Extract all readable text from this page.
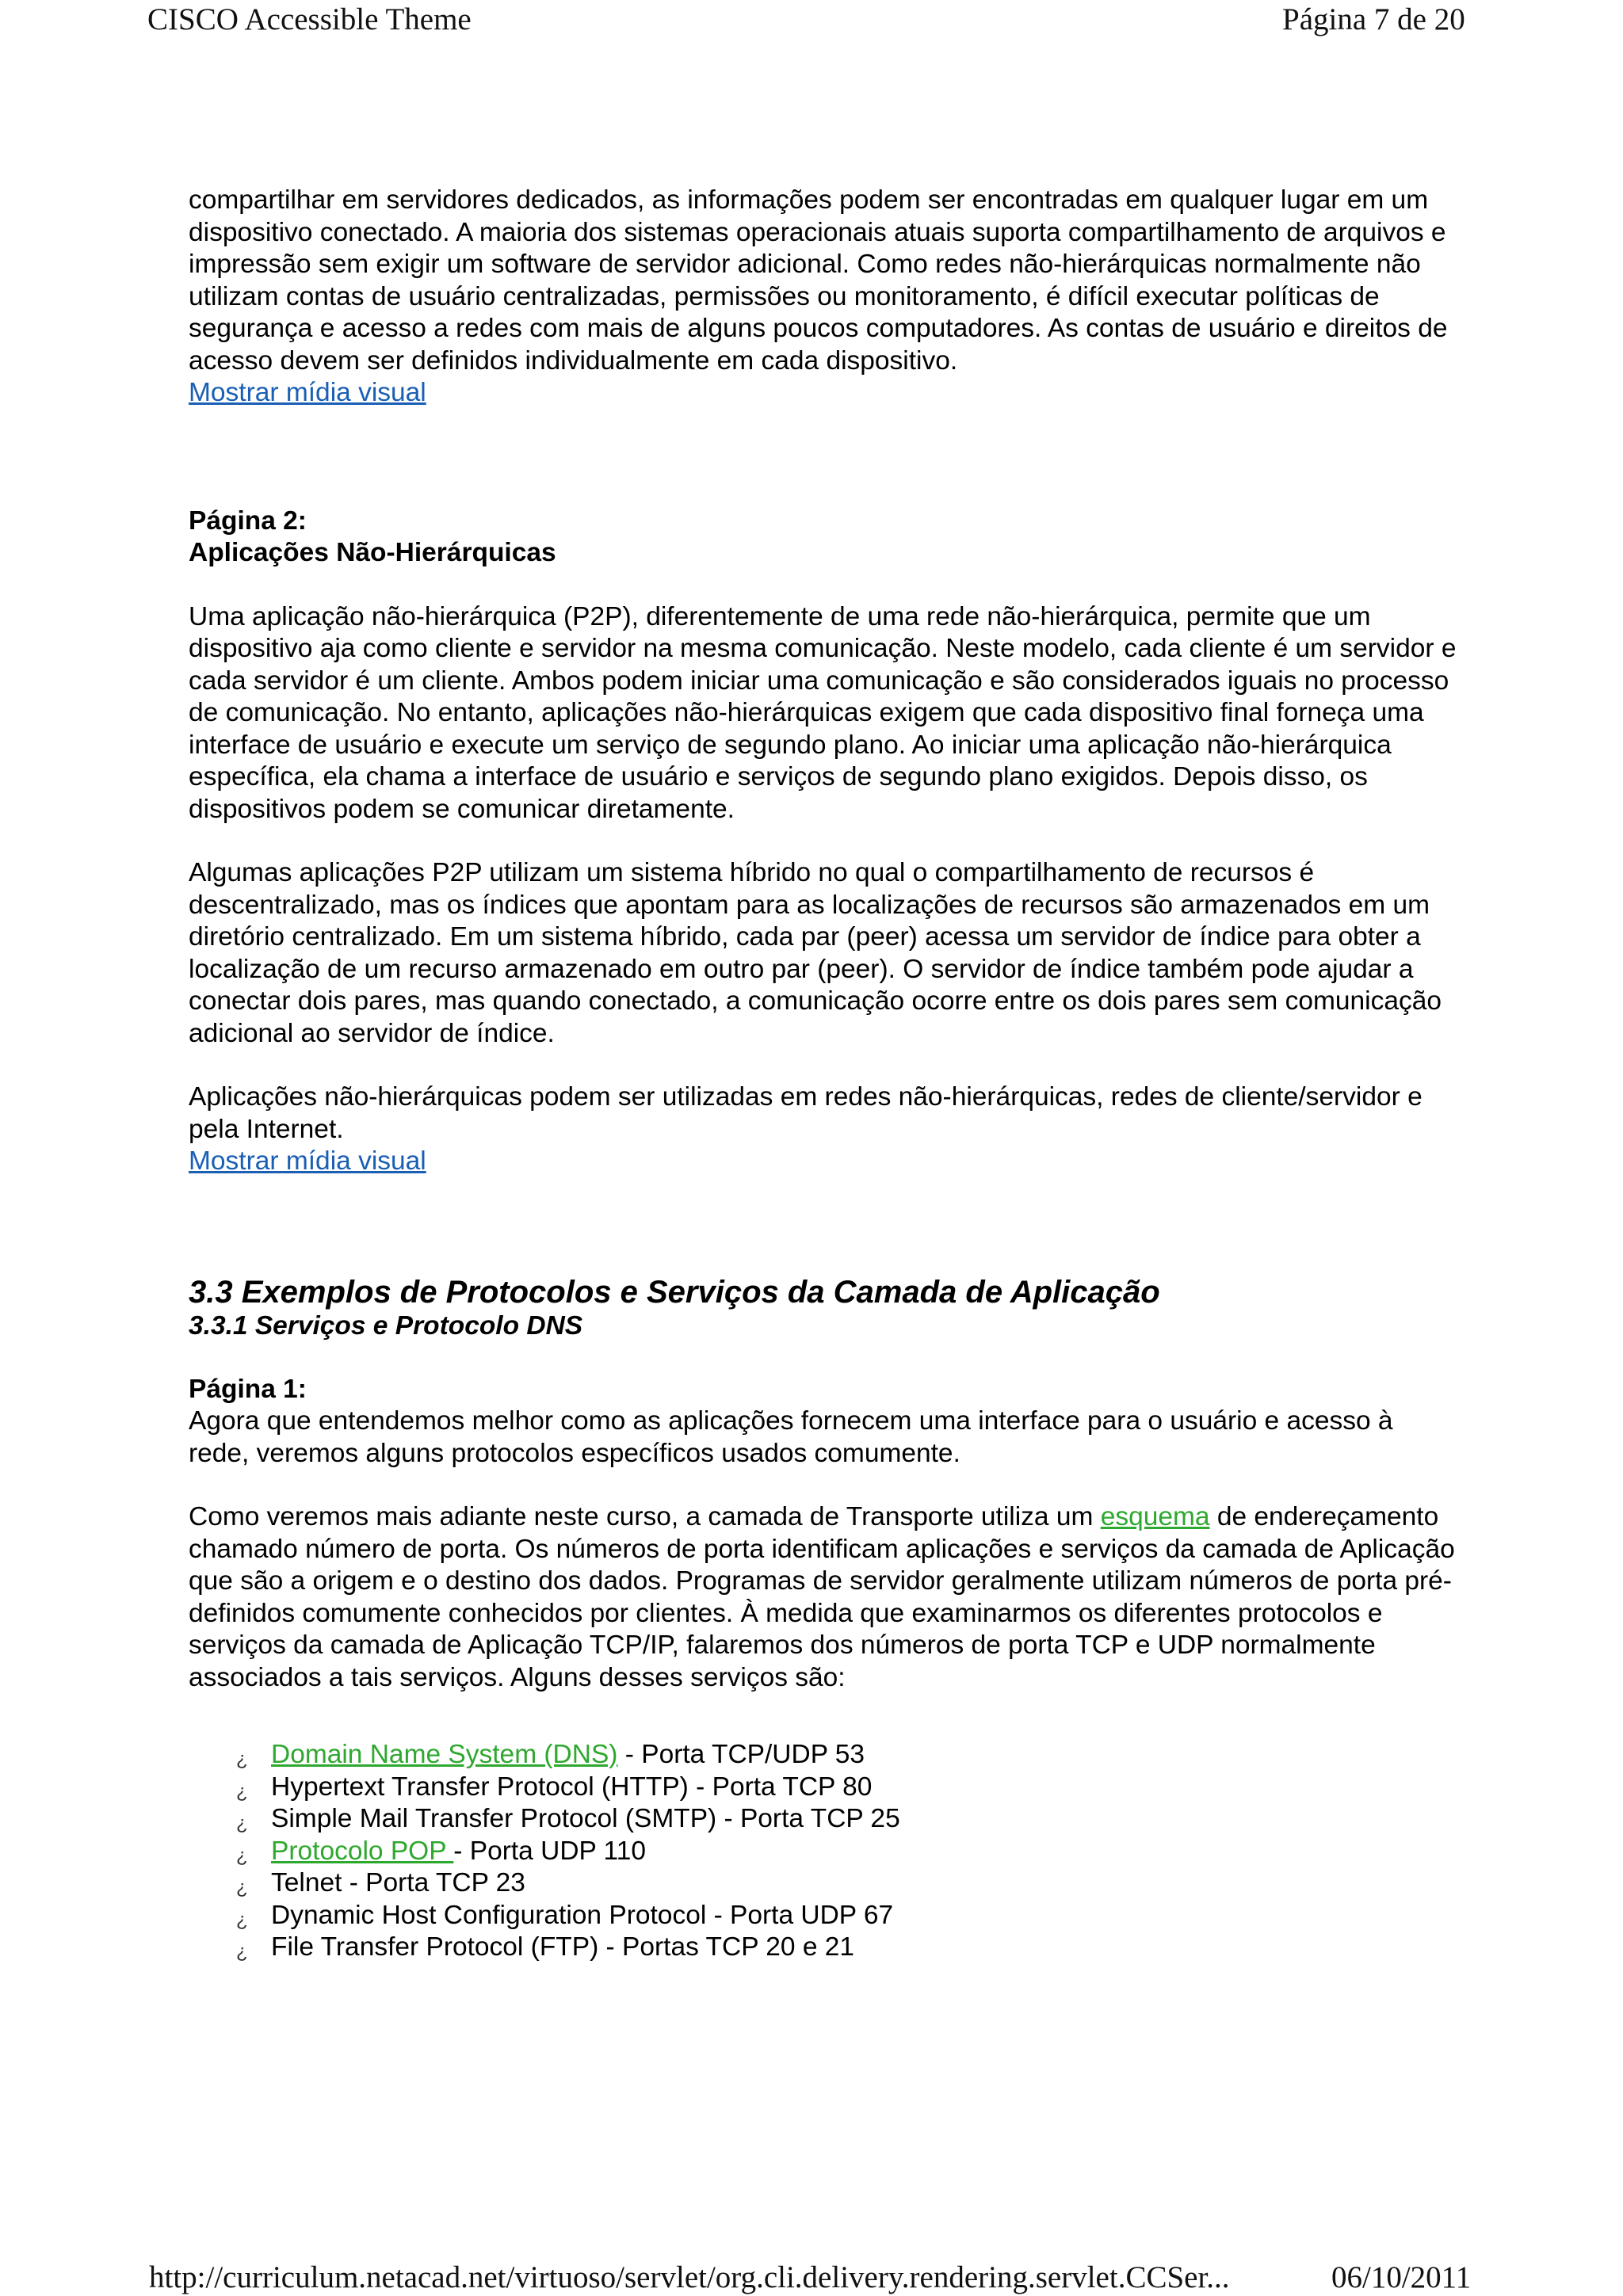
CISCO Accessible Theme	Página 7 de 20

compartilhar em servidores dedicados, as informações podem ser encontradas em qualquer lugar em um dispositivo conectado. A maioria dos sistemas operacionais atuais suporta compartilhamento de arquivos e impressão sem exigir um software de servidor adicional. Como redes não-hierárquicas normalmente não utilizam contas de usuário centralizadas, permissões ou monitoramento, é difícil executar políticas de segurança e acesso a redes com mais de alguns poucos computadores. As contas de usuário e direitos de acesso devem ser definidos individualmente em cada dispositivo.

Mostrar mídia visual

Página 2:

Aplicações Não-Hierárquicas

Uma aplicação não-hierárquica (P2P), diferentemente de uma rede não-hierárquica, permite que um dispositivo aja como cliente e servidor na mesma comunicação. Neste modelo, cada cliente é um servidor e cada servidor é um cliente. Ambos podem iniciar uma comunicação e são considerados iguais no processo de comunicação. No entanto, aplicações não-hierárquicas exigem que cada dispositivo final forneça uma interface de usuário e execute um serviço de segundo plano. Ao iniciar uma aplicação não-hierárquica específica, ela chama a interface de usuário e serviços de segundo plano exigidos. Depois disso, os dispositivos podem se comunicar diretamente.

Algumas aplicações P2P utilizam um sistema híbrido no qual o compartilhamento de recursos é descentralizado, mas os índices que apontam para as localizações de recursos são armazenados em um diretório centralizado. Em um sistema híbrido, cada par (peer) acessa um servidor de índice para obter a localização de um recurso armazenado em outro par (peer). O servidor de índice também pode ajudar a conectar dois pares, mas quando conectado, a comunicação ocorre entre os dois pares sem comunicação adicional ao servidor de índice.

Aplicações não-hierárquicas podem ser utilizadas em redes não-hierárquicas, redes de cliente/servidor e pela Internet.

Mostrar mídia visual

3.3 Exemplos de Protocolos e Serviços da Camada de Aplicação

3.3.1 Serviços e Protocolo DNS

Página 1:

Agora que entendemos melhor como as aplicações fornecem uma interface para o usuário e acesso à rede, veremos alguns protocolos específicos usados comumente.

Como veremos mais adiante neste curso, a camada de Transporte utiliza um esquema de endereçamento chamado número de porta. Os números de porta identificam aplicações e serviços da camada de Aplicação que são a origem e o destino dos dados. Programas de servidor geralmente utilizam números de porta pré-definidos comumente conhecidos por clientes. À medida que examinarmos os diferentes protocolos e serviços da camada de Aplicação TCP/IP, falaremos dos números de porta TCP e UDP normalmente associados a tais serviços. Alguns desses serviços são:

¿ Domain Name System (DNS) - Porta TCP/UDP 53
¿ Hypertext Transfer Protocol (HTTP) - Porta TCP 80
¿ Simple Mail Transfer Protocol (SMTP) - Porta TCP 25
¿ Protocolo POP - Porta UDP 110
¿ Telnet - Porta TCP 23
¿ Dynamic Host Configuration Protocol - Porta UDP 67
¿ File Transfer Protocol (FTP) - Portas TCP 20 e 21
http://curriculum.netacad.net/virtuoso/servlet/org.cli.delivery.rendering.servlet.CCSer...	06/10/2011
